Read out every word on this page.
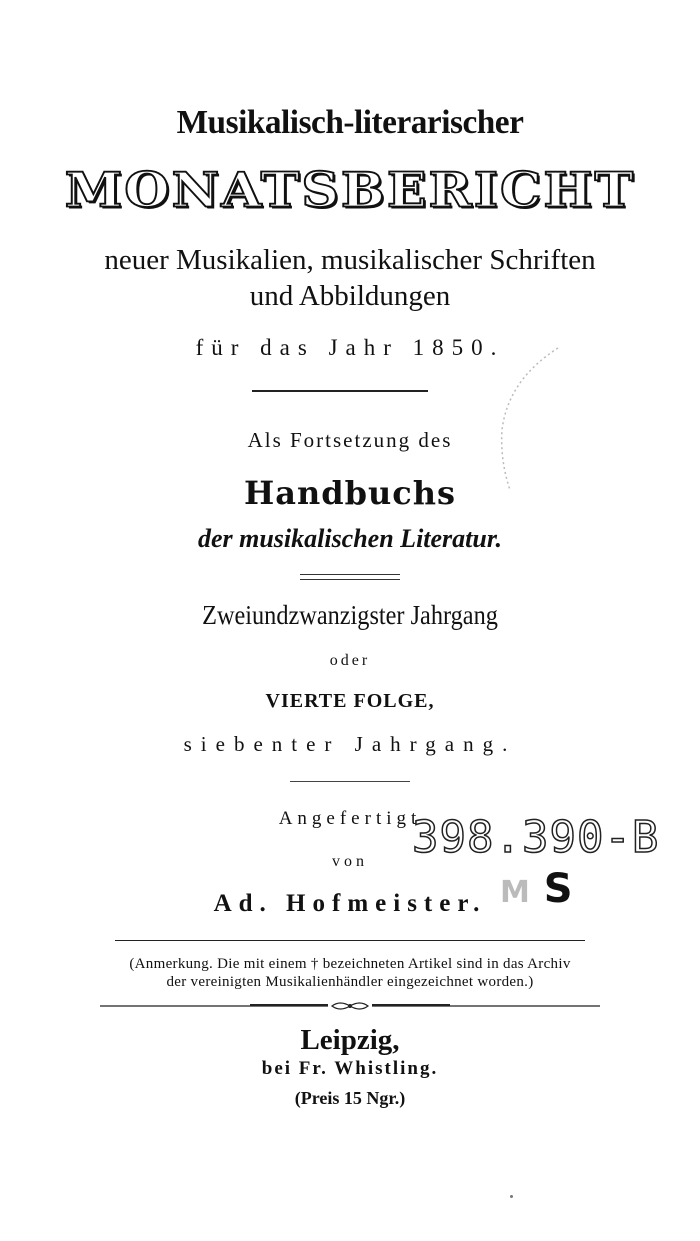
Musikalisch-literarischer
MONATSBERICHT
neuer Musikalien, musikalischer Schriften
und Abbildungen
für das Jahr 1850.
Als Fortsetzung des
Handbuchs
der musikalischen Literatur.
Zweiundzwanzigster Jahrgang
oder
VIERTE FOLGE,
siebenter Jahrgang.
Angefertigt
von
Ad. Hofmeister.
(Anmerkung. Die mit einem † bezeichneten Artikel sind in das Archiv
der vereinigten Musikalienhändler eingezeichnet worden.)
Leipzig,
bei Fr. Whistling.
(Preis 15 Ngr.)
398.390-B
M S
